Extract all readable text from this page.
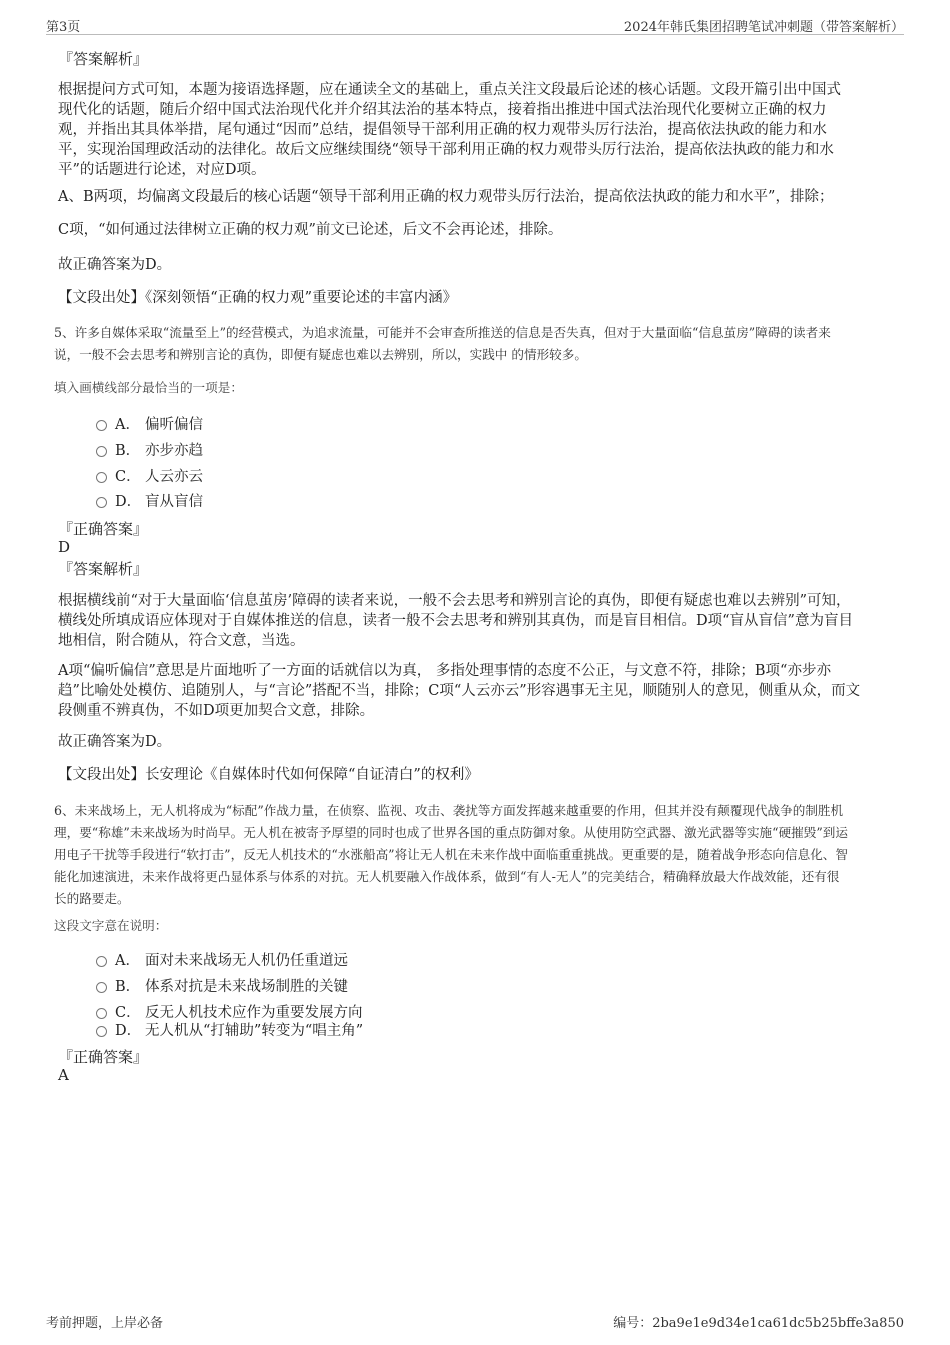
第3页	2024年韩氏集团招聘笔试冲刺题（带答案解析）
『答案解析』
根据提问方式可知，本题为接语选择题，应在通读全文的基础上，重点关注文段最后论述的核心话题。文段开篇引出中国式
现代化的话题，随后介绍中国式法治现代化并介绍其法治的基本特点，接着指出推进中国式法治现代化要树立正确的权力
观，并指出其具体举措，尾句通过“因而”总结，提倡领导干部利用正确的权力观带头厉行法治，提高依法执政的能力和水
平，实现治国理政活动的法律化。故后文应继续围绕“领导干部利用正确的权力观带头厉行法治，提高依法执政的能力和水
平”的话题进行论述，对应D项。
A、B两项，均偏离文段最后的核心话题“领导干部利用正确的权力观带头厉行法治，提高依法执政的能力和水平”，排除；
C项，“如何通过法律树立正确的权力观”前文已论述，后文不会再论述，排除。
故正确答案为D。
【文段出处】《深刻领悟“正确的权力观”重要论述的丰富内涵》
5、许多自媒体采取“流量至上”的经营模式，为追求流量，可能并不会审查所推送的信息是否失真，但对于大量面临“信息茧房”障碍的读者来
说，一般不会去思考和辨别言论的真伪，即便有疑虑也难以去辨别，所以，实践中 的情形较多。
填入画横线部分最恰当的一项是：
A． 偏听偏信
B． 亦步亦趋
C． 人云亦云
D． 盲从盲信
『正确答案』
D
『答案解析』
根据横线前“对于大量面临‘信息茧房’障碍的读者来说，一般不会去思考和辨别言论的真伪，即便有疑虑也难以去辨别”可知，
横线处所填成语应体现对于自媒体推送的信息，读者一般不会去思考和辨别其真伪，而是盲目相信。D项“盲从盲信”意为盲目
地相信，附合随从，符合文意，当选。
A项“偏听偏信”意思是片面地听了一方面的话就信以为真， 多指处理事情的态度不公正，与文意不符，排除；B项“亦步亦
趋”比喻处处模仿、追随别人，与“言论”搭配不当，排除；C项“人云亦云”形容遇事无主见，顺随别人的意见，侧重从众，而文
段侧重不辨真伪，不如D项更加契合文意，排除。
故正确答案为D。
【文段出处】长安理论《自媒体时代如何保障“自证清白”的权利》
6、未来战场上，无人机将成为“标配”作战力量，在侦察、监视、攻击、袭扰等方面发挥越来越重要的作用，但其并没有颠覆现代战争的制胜机
理，要“称雄”未来战场为时尚早。无人机在被寄予厚望的同时也成了世界各国的重点防御对象。从使用防空武器、激光武器等实施“硬摧毁”到运
用电子干扰等手段进行“软打击”，反无人机技术的“水涨船高”将让无人机在未来作战中面临重重挑战。更重要的是，随着战争形态向信息化、智
能化加速演进，未来作战将更凸显体系与体系的对抗。无人机要融入作战体系，做到“有人-无人”的完美结合，精确释放最大作战效能，还有很
长的路要走。
这段文字意在说明：
A． 面对未来战场无人机仍任重道远
B． 体系对抗是未来战场制胜的关键
C． 反无人机技术应作为重要发展方向
D． 无人机从“打辅助”转变为“唱主角”
『正确答案』
A
考前押题，上岸必备	编号：2ba9e1e9d34e1ca61dc5b25bffe3a850
